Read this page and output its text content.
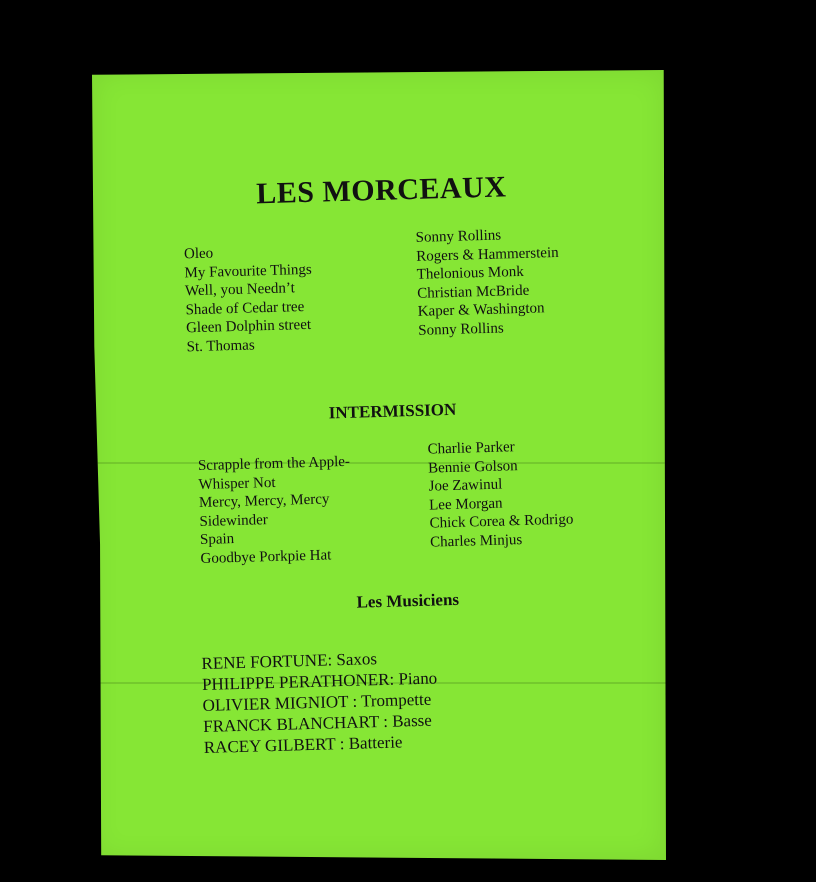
LES MORCEAUX
Oleo
My Favourite Things
Well, you Needn’t
Shade of Cedar tree
Gleen Dolphin street
St. Thomas
Sonny Rollins
Rogers & Hammerstein
Thelonious Monk
Christian McBride
Kaper & Washington
Sonny Rollins
INTERMISSION
Scrapple from the Apple-
Whisper Not
Mercy, Mercy, Mercy
Sidewinder
Spain
Goodbye Porkpie Hat
Charlie Parker
Bennie Golson
Joe Zawinul
Lee Morgan
Chick Corea & Rodrigo
Charles Minjus
Les Musiciens
RENE FORTUNE: Saxos
PHILIPPE PERATHONER: Piano
OLIVIER MIGNIOT : Trompette
FRANCK BLANCHART : Basse
RACEY GILBERT : Batterie
